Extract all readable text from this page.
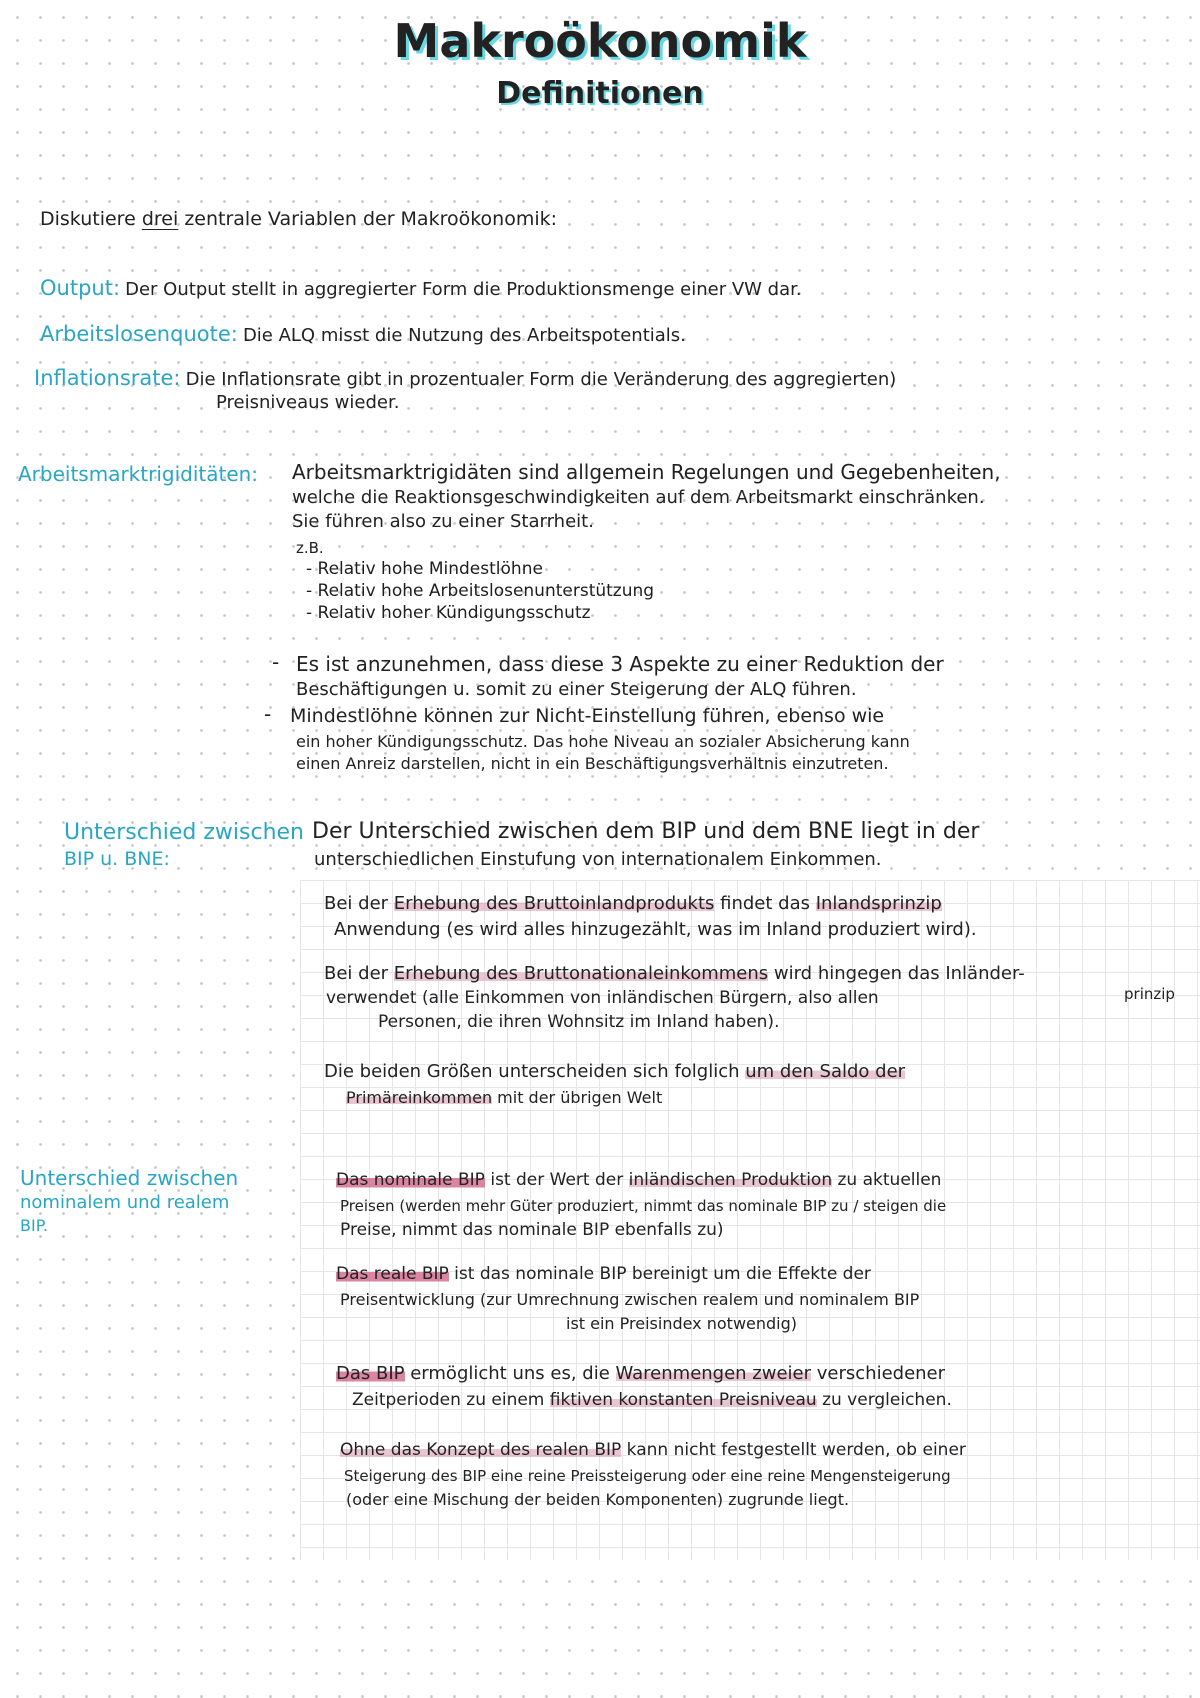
Makroökonomik
Definitionen
Diskutiere drei zentrale Variablen der Makroökonomik:
Output: Der Output stellt in aggregierter Form die Produktionsmenge einer VW dar.
Arbeitslosenquote: Die ALQ misst die Nutzung des Arbeitspotentials.
Inflationsrate: Die Inflationsrate gibt in prozentualer Form die Veränderung des aggregierten)
Preisniveaus wieder.
Arbeitsmarktrigiditäten: Arbeitsmarktrigidäten sind allgemein Regelungen und Gegebenheiten,
welche die Reaktionsgeschwindigkeiten auf dem Arbeitsmarkt einschränken.
Sie führen also zu einer Starrheit.
z.B.
- Relativ hohe Mindestlöhne
- Relativ hohe Arbeitslosenunterstützung
- Relativ hoher Kündigungsschutz
- Es ist anzunehmen, dass diese 3 Aspekte zu einer Reduktion der
Beschäftigungen u. somit zu einer Steigerung der ALQ führen.
- Mindestlöhne können zur Nicht-Einstellung führen, ebenso wie
ein hoher Kündigungsschutz. Das hohe Niveau an sozialer Absicherung kann
einen Anreiz darstellen, nicht in ein Beschäftigungsverhältnis einzutreten.
Unterschied zwischen
BIP u. BNE:
Der Unterschied zwischen dem BIP und dem BNE liegt in der
unterschiedlichen Einstufung von internationalem Einkommen.
Bei der Erhebung des Bruttoinlandprodukts findet das Inlandsprinzip
Anwendung (es wird alles hinzugezählt, was im Inland produziert wird).
Bei der Erhebung des Bruttonationaleinkommens wird hingegen das Inländer-
verwendet (alle Einkommen von inländischen Bürgern, also allen	prinzip
Personen, die ihren Wohnsitz im Inland haben).
Die beiden Größen unterscheiden sich folglich um den Saldo der
Primäreinkommen mit der übrigen Welt
Unterschied zwischen
nominalem und realem
BIP.
Das nominale BIP ist der Wert der inländischen Produktion zu aktuellen
Preisen (werden mehr Güter produziert, nimmt das nominale BIP zu / steigen die
Preise, nimmt das nominale BIP ebenfalls zu)
Das reale BIP ist das nominale BIP bereinigt um die Effekte der
Preisentwicklung (zur Umrechnung zwischen realem und nominalem BIP
ist ein Preisindex notwendig)
Das BIP ermöglicht uns es, die Warenmengen zweier verschiedener
Zeitperioden zu einem fiktiven konstanten Preisniveau zu vergleichen.
Ohne das Konzept des realen BIP kann nicht festgestellt werden, ob einer
Steigerung des BIP eine reine Preissteigerung oder eine reine Mengensteigerung
(oder eine Mischung der beiden Komponenten) zugrunde liegt.
